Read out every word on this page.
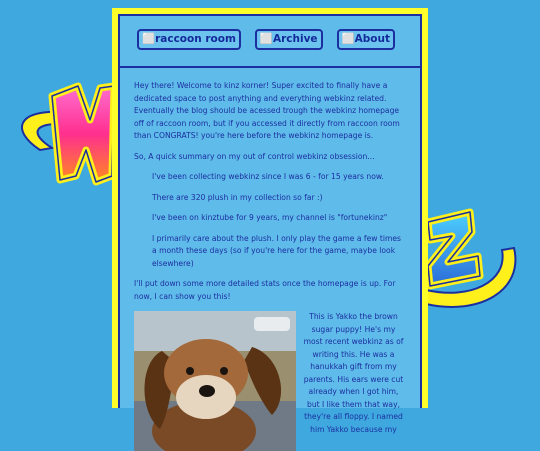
⬜raccoon room	⬜Archive	⬜About

Hey there! Welcome to kinz korner! Super excited to finally have a dedicated space to post anything and everything webkinz related. Eventually the blog should be acessed trough the webkinz homepage off of raccoon room, but if you accessed it directly from raccoon room than CONGRATS! you're here before the webkinz homepage is.

So, A quick summary on my out of control webkinz obsession...

I've been collecting webkinz since I was 6 - for 15 years now.

There are 320 plush in my collection so far :)

I've been on kinztube for 9 years, my channel is "fortunekinz"

I primarily care about the plush. I only play the game a few times a month these days (so if you're here for the game, maybe look elsewhere)

I'll put down some more detailed stats once the homepage is up. For now, I can show you this!

This is Yakko the brown sugar puppy! He's my most recent webkinz as of writing this. He was a hanukkah gift from my parents. His ears were cut already when I got him, but I like them that way, they're all floppy. I named him Yakko because my
